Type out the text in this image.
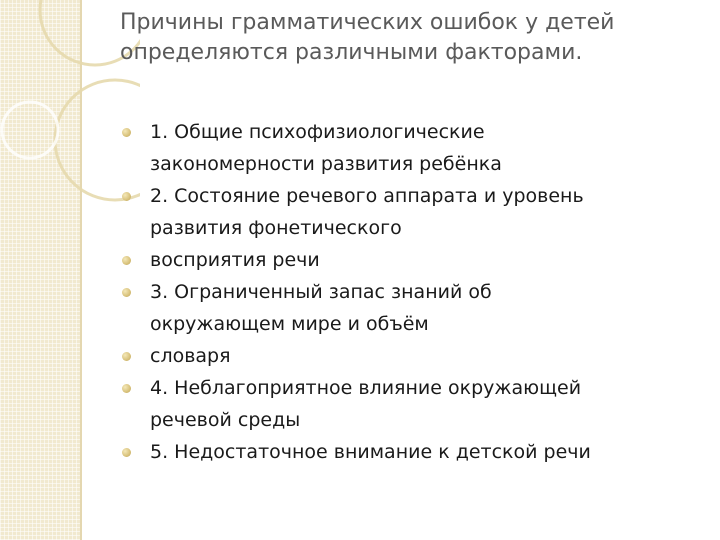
Причины грамматических ошибок у детей
определяются различными факторами.
1. Общие психофизиологические
закономерности развития ребёнка
2. Состояние речевого аппарата и уровень
развития фонетического
восприятия речи
3. Ограниченный запас знаний об
окружающем мире и объём
словаря
4. Неблагоприятное влияние окружающей
речевой среды
5. Недостаточное внимание к детской речи
